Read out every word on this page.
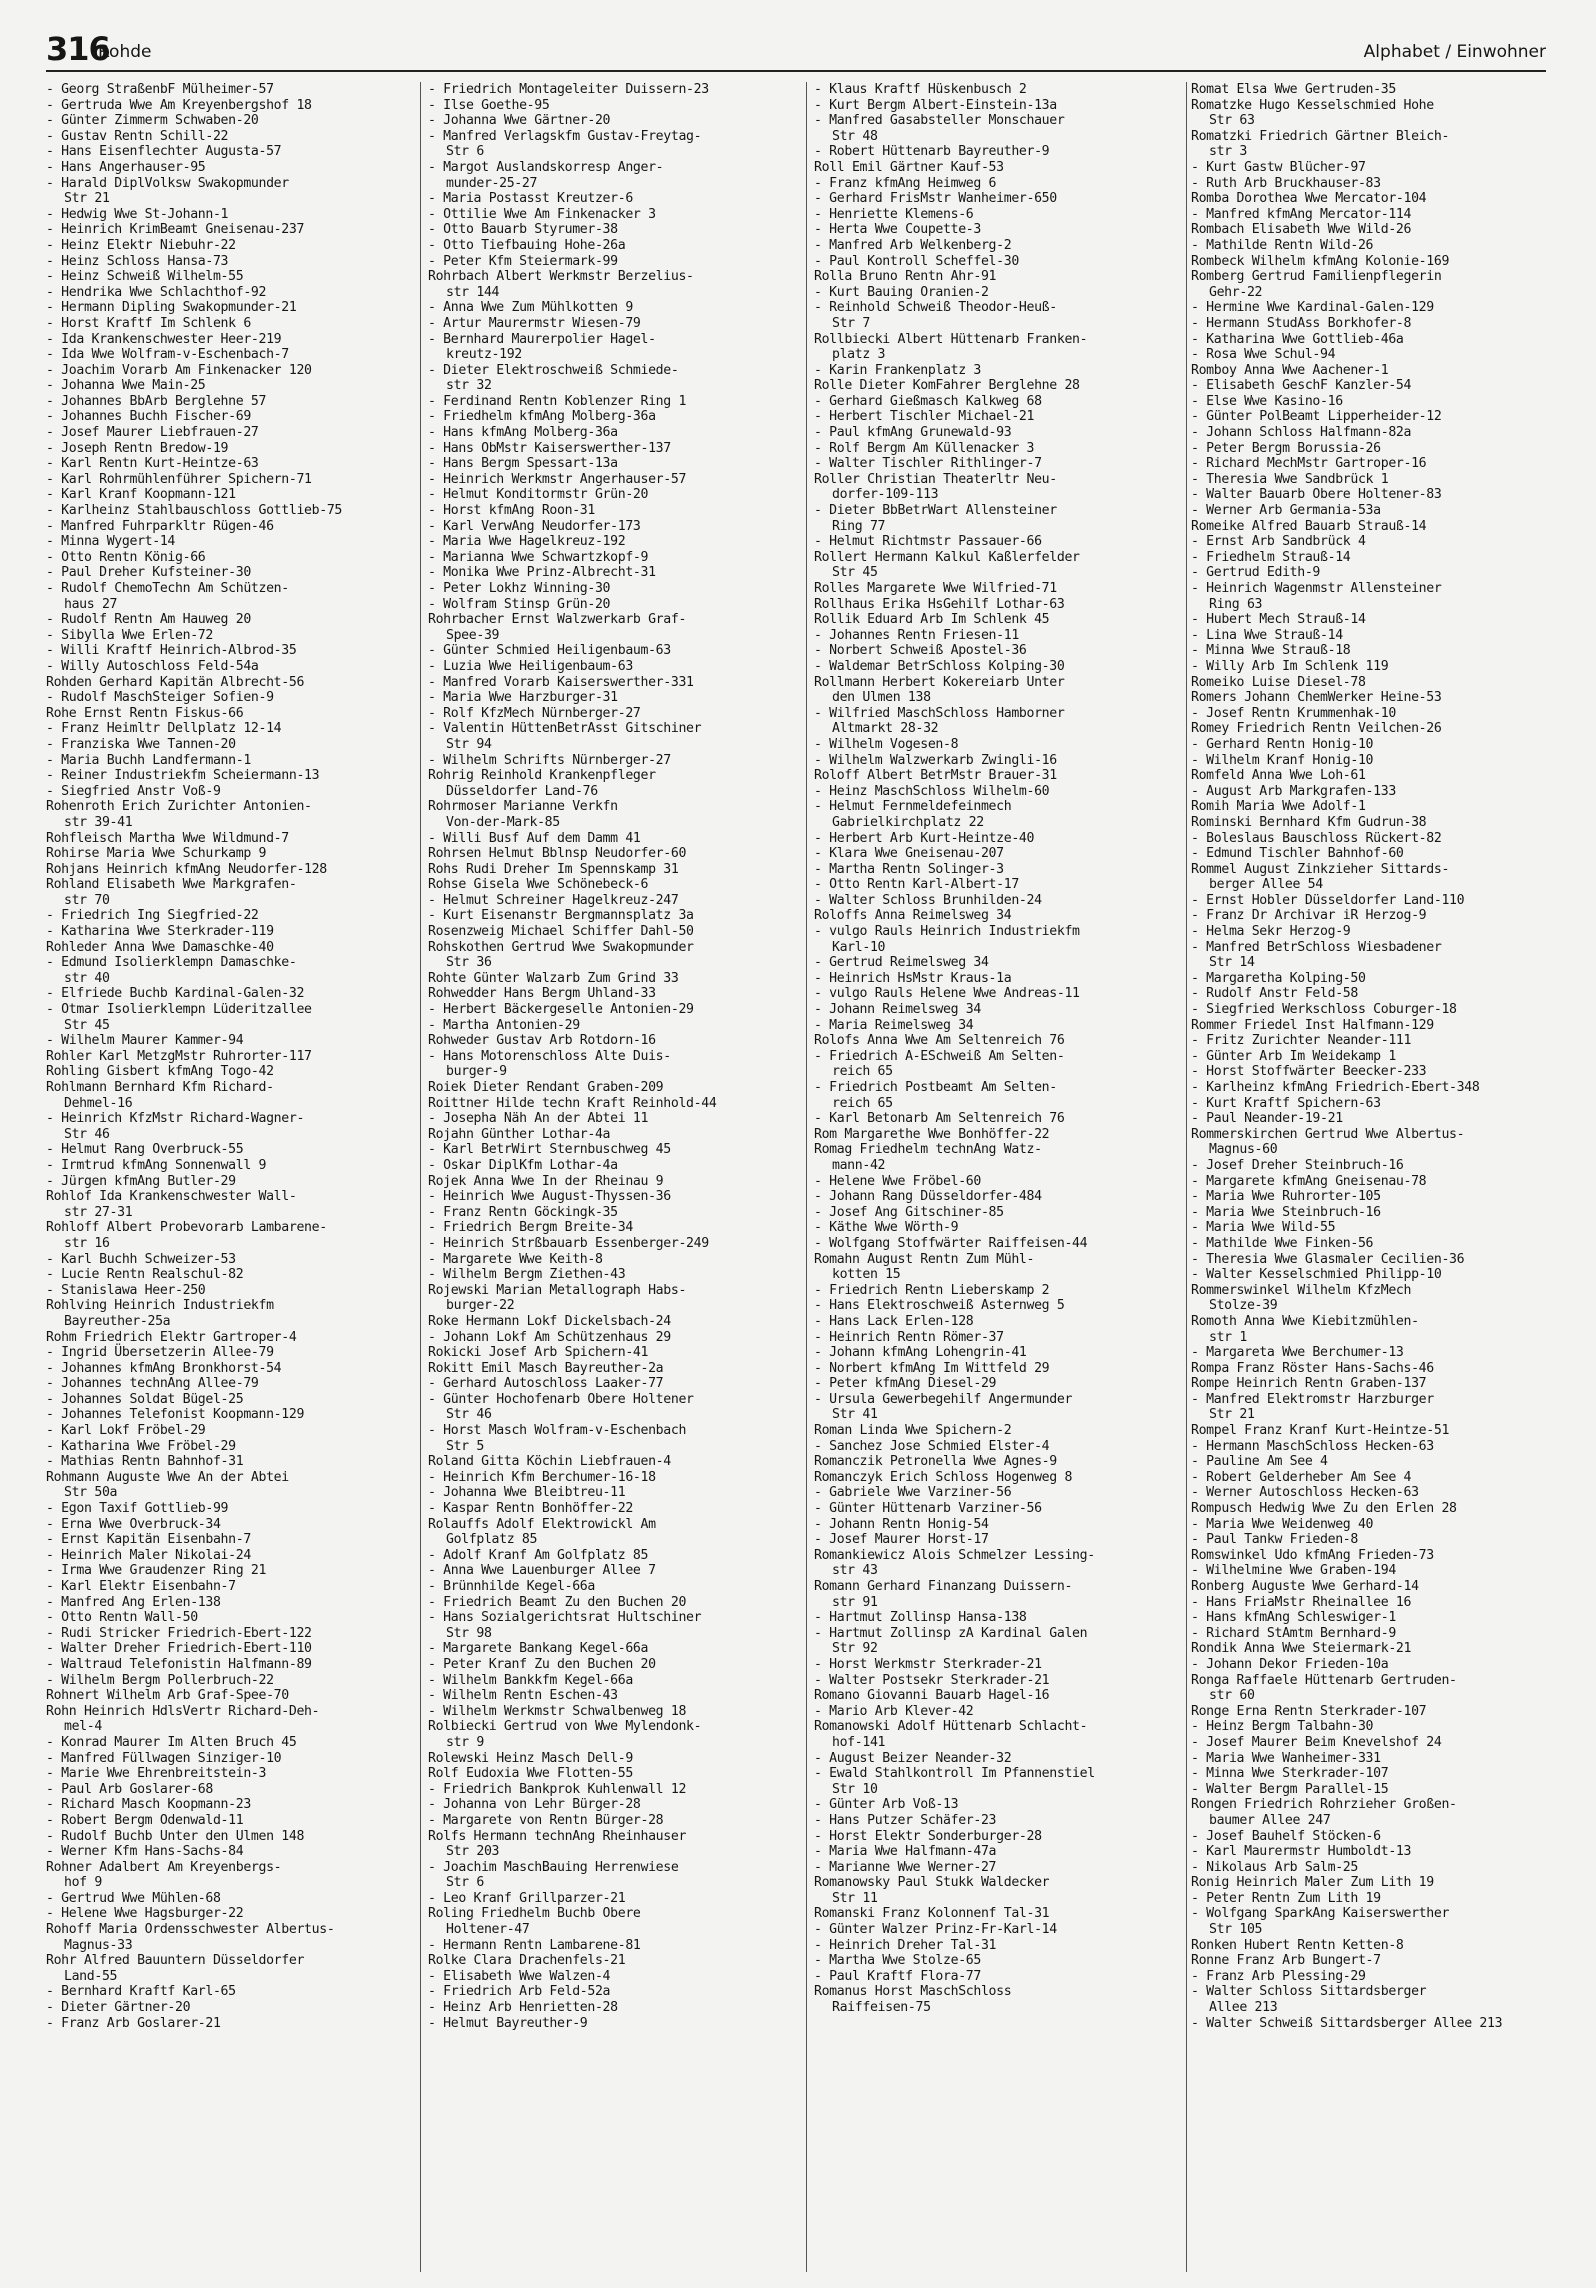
316
Rohde	Alphabet / Einwohner

- Georg StraßenbF Mülheimer-57

- Gertruda Wwe Am Kreyenbergshof 18

- Günter Zimmerm Schwaben-20

- Gustav Rentn Schill-22

- Hans Eisenflechter Augusta-57

- Hans Angerhauser-95

- Harald DiplVolksw Swakopmunder
Str 21

- Hedwig Wwe St-Johann-1

- Heinrich KrimBeamt Gneisenau-237

- Heinz Elektr Niebuhr-22

- Heinz Schloss Hansa-73

- Heinz Schweiß Wilhelm-55

- Hendrika Wwe Schlachthof-92

- Hermann Dipling Swakopmunder-21

- Horst Kraftf Im Schlenk 6

- Ida Krankenschwester Heer-219

- Ida Wwe Wolfram-v-Eschenbach-7

- Joachim Vorarb Am Finkenacker 120

- Johanna Wwe Main-25

- Johannes BbArb Berglehne 57

- Johannes Buchh Fischer-69

- Josef Maurer Liebfrauen-27

- Joseph Rentn Bredow-19

- Karl Rentn Kurt-Heintze-63

- Karl Rohrmühlenführer Spichern-71

- Karl Kranf Koopmann-121

- Karlheinz Stahlbauschloss Gottlieb-75

- Manfred Fuhrparkltr Rügen-46

- Minna Wygert-14

- Otto Rentn König-66

- Paul Dreher Kufsteiner-30

- Rudolf ChemoTechn Am Schützen-
haus 27

- Rudolf Rentn Am Hauweg 20

- Sibylla Wwe Erlen-72

- Willi Kraftf Heinrich-Albrod-35

- Willy Autoschloss Feld-54a

Rohden Gerhard Kapitän Albrecht-56

- Rudolf MaschSteiger Sofien-9

Rohe Ernst Rentn Fiskus-66

- Franz Heimltr Dellplatz 12-14

- Franziska Wwe Tannen-20

- Maria Buchh Landfermann-1

- Reiner Industriekfm Scheiermann-13

- Siegfried Anstr Voß-9

Rohenroth Erich Zurichter Antonien-
str 39-41

Rohfleisch Martha Wwe Wildmund-7

Rohirse Maria Wwe Schurkamp 9

Rohjans Heinrich kfmAng Neudorfer-128

Rohland Elisabeth Wwe Markgrafen-
str 70

- Friedrich Ing Siegfried-22

- Katharina Wwe Sterkrader-119

Rohleder Anna Wwe Damaschke-40

- Edmund Isolierklempn Damaschke-
str 40

- Elfriede Buchb Kardinal-Galen-32

- Otmar Isolierklempn Lüderitzallee
Str 45

- Wilhelm Maurer Kammer-94

Rohler Karl MetzgMstr Ruhrorter-117

Rohling Gisbert kfmAng Togo-42

Rohlmann Bernhard Kfm Richard-
Dehmel-16

- Heinrich KfzMstr Richard-Wagner-
Str 46

- Helmut Rang Overbruck-55

- Irmtrud kfmAng Sonnenwall 9

- Jürgen kfmAng Butler-29

Rohlof Ida Krankenschwester Wall-
str 27-31

Rohloff Albert Probevorarb Lambarene-
str 16

- Karl Buchh Schweizer-53

- Lucie Rentn Realschul-82

- Stanislawa Heer-250

Rohlving Heinrich Industriekfm
Bayreuther-25a

Rohm Friedrich Elektr Gartroper-4

- Ingrid Übersetzerin Allee-79

- Johannes kfmAng Bronkhorst-54

- Johannes technAng Allee-79

- Johannes Soldat Bügel-25

- Johannes Telefonist Koopmann-129

- Karl Lokf Fröbel-29

- Katharina Wwe Fröbel-29

- Mathias Rentn Bahnhof-31

Rohmann Auguste Wwe An der Abtei
Str 50a

- Egon Taxif Gottlieb-99

- Erna Wwe Overbruck-34

- Ernst Kapitän Eisenbahn-7

- Heinrich Maler Nikolai-24

- Irma Wwe Graudenzer Ring 21

- Karl Elektr Eisenbahn-7

- Manfred Ang Erlen-138

- Otto Rentn Wall-50

- Rudi Stricker Friedrich-Ebert-122

- Walter Dreher Friedrich-Ebert-110

- Waltraud Telefonistin Halfmann-89

- Wilhelm Bergm Pollerbruch-22

Rohnert Wilhelm Arb Graf-Spee-70

Rohn Heinrich HdlsVertr Richard-Deh-
mel-4

- Konrad Maurer Im Alten Bruch 45

- Manfred Füllwagen Sinziger-10

- Marie Wwe Ehrenbreitstein-3

- Paul Arb Goslarer-68

- Richard Masch Koopmann-23

- Robert Bergm Odenwald-11

- Rudolf Buchb Unter den Ulmen 148

- Werner Kfm Hans-Sachs-84

Rohner Adalbert Am Kreyenbergs-
hof 9

- Gertrud Wwe Mühlen-68

- Helene Wwe Hagsburger-22

Rohoff Maria Ordensschwester Albertus-
Magnus-33

Rohr Alfred Bauuntern Düsseldorfer
Land-55

- Bernhard Kraftf Karl-65

- Dieter Gärtner-20

- Franz Arb Goslarer-21

- Friedrich Montageleiter Duissern-23

- Ilse Goethe-95

- Johanna Wwe Gärtner-20

- Manfred Verlagskfm Gustav-Freytag-
Str 6

- Margot Auslandskorresp Anger-
munder-25-27

- Maria Postasst Kreutzer-6

- Ottilie Wwe Am Finkenacker 3

- Otto Bauarb Styrumer-38

- Otto Tiefbauing Hohe-26a

- Peter Kfm Steiermark-99

Rohrbach Albert Werkmstr Berzelius-
str 144

- Anna Wwe Zum Mühlkotten 9

- Artur Maurermstr Wiesen-79

- Bernhard Maurerpolier Hagel-
kreutz-192

- Dieter Elektroschweiß Schmiede-
str 32

- Ferdinand Rentn Koblenzer Ring 1

- Friedhelm kfmAng Molberg-36a

- Hans kfmAng Molberg-36a

- Hans ObMstr Kaiserswerther-137

- Hans Bergm Spessart-13a

- Heinrich Werkmstr Angerhauser-57

- Helmut Konditormstr Grün-20

- Horst kfmAng Roon-31

- Karl VerwAng Neudorfer-173

- Maria Wwe Hagelkreuz-192

- Marianna Wwe Schwartzkopf-9

- Monika Wwe Prinz-Albrecht-31

- Peter Lokhz Winning-30

- Wolfram Stinsp Grün-20

Rohrbacher Ernst Walzwerkarb Graf-
Spee-39

- Günter Schmied Heiligenbaum-63

- Luzia Wwe Heiligenbaum-63

- Manfred Vorarb Kaiserswerther-331

- Maria Wwe Harzburger-31

- Rolf KfzMech Nürnberger-27

- Valentin HüttenBetrAsst Gitschiner
Str 94

- Wilhelm Schrifts Nürnberger-27

Rohrig Reinhold Krankenpfleger
Düsseldorfer Land-76

Rohrmoser Marianne Verkfn
Von-der-Mark-85

- Willi Busf Auf dem Damm 41

Rohrsen Helmut Bblnsp Neudorfer-60

Rohs Rudi Dreher Im Spennskamp 31

Rohse Gisela Wwe Schönebeck-6

- Helmut Schreiner Hagelkreuz-247

- Kurt Eisenanstr Bergmannsplatz 3a

Rosenzweig Michael Schiffer Dahl-50

Rohskothen Gertrud Wwe Swakopmunder
Str 36

Rohte Günter Walzarb Zum Grind 33

Rohwedder Hans Bergm Uhland-33

- Herbert Bäckergeselle Antonien-29

- Martha Antonien-29

Rohweder Gustav Arb Rotdorn-16

- Hans Motorenschloss Alte Duis-
burger-9

Roiek Dieter Rendant Graben-209

Roittner Hilde techn Kraft Reinhold-44

- Josepha Näh An der Abtei 11

Rojahn Günther Lothar-4a

- Karl BetrWirt Sternbuschweg 45

- Oskar DiplKfm Lothar-4a

Rojek Anna Wwe In der Rheinau 9

- Heinrich Wwe August-Thyssen-36

- Franz Rentn Göckingk-35

- Friedrich Bergm Breite-34

- Heinrich Strßbauarb Essenberger-249

- Margarete Wwe Keith-8

- Wilhelm Bergm Ziethen-43

Rojewski Marian Metallograph Habs-
burger-22

Roke Hermann Lokf Dickelsbach-24

- Johann Lokf Am Schützenhaus 29

Rokicki Josef Arb Spichern-41

Rokitt Emil Masch Bayreuther-2a

- Gerhard Autoschloss Laaker-77

- Günter Hochofenarb Obere Holtener
Str 46

- Horst Masch Wolfram-v-Eschenbach
Str 5

Roland Gitta Köchin Liebfrauen-4

- Heinrich Kfm Berchumer-16-18

- Johanna Wwe Bleibtreu-11

- Kaspar Rentn Bonhöffer-22

Rolauffs Adolf Elektrowickl Am
Golfplatz 85

- Adolf Kranf Am Golfplatz 85

- Anna Wwe Lauenburger Allee 7

- Brünnhilde Kegel-66a

- Friedrich Beamt Zu den Buchen 20

- Hans Sozialgerichtsrat Hultschiner
Str 98

- Margarete Bankang Kegel-66a

- Peter Kranf Zu den Buchen 20

- Wilhelm Bankkfm Kegel-66a

- Wilhelm Rentn Eschen-43

- Wilhelm Werkmstr Schwalbenweg 18

Rolbiecki Gertrud von Wwe Mylendonk-
str 9

Rolewski Heinz Masch Dell-9

Rolf Eudoxia Wwe Flotten-55

- Friedrich Bankprok Kuhlenwall 12

- Johanna von Lehr Bürger-28

- Margarete von Rentn Bürger-28

Rolfs Hermann technAng Rheinhauser
Str 203

- Joachim MaschBauing Herrenwiese
Str 6

- Leo Kranf Grillparzer-21

Roling Friedhelm Buchb Obere
Holtener-47

- Hermann Rentn Lambarene-81

Rolke Clara Drachenfels-21

- Elisabeth Wwe Walzen-4

- Friedrich Arb Feld-52a

- Heinz Arb Henrietten-28

- Helmut Bayreuther-9

- Klaus Kraftf Hüskenbusch 2

- Kurt Bergm Albert-Einstein-13a

- Manfred Gasabsteller Monschauer
Str 48

- Robert Hüttenarb Bayreuther-9

Roll Emil Gärtner Kauf-53

- Franz kfmAng Heimweg 6

- Gerhard FrisMstr Wanheimer-650

- Henriette Klemens-6

- Herta Wwe Coupette-3

- Manfred Arb Welkenberg-2

- Paul Kontroll Scheffel-30

Rolla Bruno Rentn Ahr-91

- Kurt Bauing Oranien-2

- Reinhold Schweiß Theodor-Heuß-
Str 7

Rollbiecki Albert Hüttenarb Franken-
platz 3

- Karin Frankenplatz 3

Rolle Dieter KomFahrer Berglehne 28

- Gerhard Gießmasch Kalkweg 68

- Herbert Tischler Michael-21

- Paul kfmAng Grunewald-93

- Rolf Bergm Am Küllenacker 3

- Walter Tischler Rithlinger-7

Roller Christian Theaterltr Neu-
dorfer-109-113

- Dieter BbBetrWart Allensteiner
Ring 77

- Helmut Richtmstr Passauer-66

Rollert Hermann Kalkul Kaßlerfelder
Str 45

Rolles Margarete Wwe Wilfried-71

Rollhaus Erika HsGehilf Lothar-63

Rollik Eduard Arb Im Schlenk 45

- Johannes Rentn Friesen-11

- Norbert Schweiß Apostel-36

- Waldemar BetrSchloss Kolping-30

Rollmann Herbert Kokereiarb Unter
den Ulmen 138

- Wilfried MaschSchloss Hamborner
Altmarkt 28-32

- Wilhelm Vogesen-8

- Wilhelm Walzwerkarb Zwingli-16

Roloff Albert BetrMstr Brauer-31

- Heinz MaschSchloss Wilhelm-60

- Helmut Fernmeldefeinmech
Gabrielkirchplatz 22

- Herbert Arb Kurt-Heintze-40

- Klara Wwe Gneisenau-207

- Martha Rentn Solinger-3

- Otto Rentn Karl-Albert-17

- Walter Schloss Brunhilden-24

Roloffs Anna Reimelsweg 34

- vulgo Rauls Heinrich Industriekfm
Karl-10

- Gertrud Reimelsweg 34

- Heinrich HsMstr Kraus-1a

- vulgo Rauls Helene Wwe Andreas-11

- Johann Reimelsweg 34

- Maria Reimelsweg 34

Rolofs Anna Wwe Am Seltenreich 76

- Friedrich A-ESchweiß Am Selten-
reich 65

- Friedrich Postbeamt Am Selten-
reich 65

- Karl Betonarb Am Seltenreich 76

Rom Margarethe Wwe Bonhöffer-22

Romag Friedhelm technAng Watz-
mann-42

- Helene Wwe Fröbel-60

- Johann Rang Düsseldorfer-484

- Josef Ang Gitschiner-85

- Käthe Wwe Wörth-9

- Wolfgang Stoffwärter Raiffeisen-44

Romahn August Rentn Zum Mühl-
kotten 15

- Friedrich Rentn Lieberskamp 2

- Hans Elektroschweiß Asternweg 5

- Hans Lack Erlen-128

- Heinrich Rentn Römer-37

- Johann kfmAng Lohengrin-41

- Norbert kfmAng Im Wittfeld 29

- Peter kfmAng Diesel-29

- Ursula Gewerbegehilf Angermunder
Str 41

Roman Linda Wwe Spichern-2

- Sanchez Jose Schmied Elster-4

Romanczik Petronella Wwe Agnes-9

Romanczyk Erich Schloss Hogenweg 8

- Gabriele Wwe Varziner-56

- Günter Hüttenarb Varziner-56

- Johann Rentn Honig-54

- Josef Maurer Horst-17

Romankiewicz Alois Schmelzer Lessing-
str 43

Romann Gerhard Finanzang Duissern-
str 91

- Hartmut Zollinsp Hansa-138

- Hartmut Zollinsp zA Kardinal Galen
Str 92

- Horst Werkmstr Sterkrader-21

- Walter Postsekr Sterkrader-21

Romano Giovanni Bauarb Hagel-16

- Mario Arb Klever-42

Romanowski Adolf Hüttenarb Schlacht-
hof-141

- August Beizer Neander-32

- Ewald Stahlkontroll Im Pfannenstiel
Str 10

- Günter Arb Voß-13

- Hans Putzer Schäfer-23

- Horst Elektr Sonderburger-28

- Maria Wwe Halfmann-47a

- Marianne Wwe Werner-27

Romanowsky Paul Stukk Waldecker
Str 11

Romanski Franz Kolonnenf Tal-31

- Günter Walzer Prinz-Fr-Karl-14

- Heinrich Dreher Tal-31

- Martha Wwe Stolze-65

- Paul Kraftf Flora-77

Romanus Horst MaschSchloss
Raiffeisen-75

Romat Elsa Wwe Gertruden-35

Romatzke Hugo Kesselschmied Hohe
Str 63

Romatzki Friedrich Gärtner Bleich-
str 3

- Kurt Gastw Blücher-97

- Ruth Arb Bruckhauser-83

Romba Dorothea Wwe Mercator-104

- Manfred kfmAng Mercator-114

Rombach Elisabeth Wwe Wild-26

- Mathilde Rentn Wild-26

Rombeck Wilhelm kfmAng Kolonie-169

Romberg Gertrud Familienpflegerin
Gehr-22

- Hermine Wwe Kardinal-Galen-129

- Hermann StudAss Borkhofer-8

- Katharina Wwe Gottlieb-46a

- Rosa Wwe Schul-94

Romboy Anna Wwe Aachener-1

- Elisabeth GeschF Kanzler-54

- Else Wwe Kasino-16

- Günter PolBeamt Lipperheider-12

- Johann Schloss Halfmann-82a

- Peter Bergm Borussia-26

- Richard MechMstr Gartroper-16

- Theresia Wwe Sandbrück 1

- Walter Bauarb Obere Holtener-83

- Werner Arb Germania-53a

Romeike Alfred Bauarb Strauß-14

- Ernst Arb Sandbrück 4

- Friedhelm Strauß-14

- Gertrud Edith-9

- Heinrich Wagenmstr Allensteiner
Ring 63

- Hubert Mech Strauß-14

- Lina Wwe Strauß-14

- Minna Wwe Strauß-18

- Willy Arb Im Schlenk 119

Romeiko Luise Diesel-78

Romers Johann ChemWerker Heine-53

- Josef Rentn Krummenhak-10

Romey Friedrich Rentn Veilchen-26

- Gerhard Rentn Honig-10

- Wilhelm Kranf Honig-10

Romfeld Anna Wwe Loh-61

- August Arb Markgrafen-133

Romih Maria Wwe Adolf-1

Rominski Bernhard Kfm Gudrun-38

- Boleslaus Bauschloss Rückert-82

- Edmund Tischler Bahnhof-60

Rommel August Zinkzieher Sittards-
berger Allee 54

- Ernst Hobler Düsseldorfer Land-110

- Franz Dr Archivar iR Herzog-9

- Helma Sekr Herzog-9

- Manfred BetrSchloss Wiesbadener
Str 14

- Margaretha Kolping-50

- Rudolf Anstr Feld-58

- Siegfried Werkschloss Coburger-18

Rommer Friedel Inst Halfmann-129

- Fritz Zurichter Neander-111

- Günter Arb Im Weidekamp 1

- Horst Stoffwärter Beecker-233

- Karlheinz kfmAng Friedrich-Ebert-348

- Kurt Kraftf Spichern-63

- Paul Neander-19-21

Rommerskirchen Gertrud Wwe Albertus-
Magnus-60

- Josef Dreher Steinbruch-16

- Margarete kfmAng Gneisenau-78

- Maria Wwe Ruhrorter-105

- Maria Wwe Steinbruch-16

- Maria Wwe Wild-55

- Mathilde Wwe Finken-56

- Theresia Wwe Glasmaler Cecilien-36

- Walter Kesselschmied Philipp-10

Rommerswinkel Wilhelm KfzMech
Stolze-39

Romoth Anna Wwe Kiebitzmühlen-
str 1

- Margareta Wwe Berchumer-13

Rompa Franz Röster Hans-Sachs-46

Rompe Heinrich Rentn Graben-137

- Manfred Elektromstr Harzburger
Str 21

Rompel Franz Kranf Kurt-Heintze-51

- Hermann MaschSchloss Hecken-63

- Pauline Am See 4

- Robert Gelderheber Am See 4

- Werner Autoschloss Hecken-63

Rompusch Hedwig Wwe Zu den Erlen 28

- Maria Wwe Weidenweg 40

- Paul Tankw Frieden-8

Romswinkel Udo kfmAng Frieden-73

- Wilhelmine Wwe Graben-194

Ronberg Auguste Wwe Gerhard-14

- Hans FriaMstr Rheinallee 16

- Hans kfmAng Schleswiger-1

- Richard StAmtm Bernhard-9

Rondik Anna Wwe Steiermark-21

- Johann Dekor Frieden-10a

Ronga Raffaele Hüttenarb Gertruden-
str 60

Ronge Erna Rentn Sterkrader-107

- Heinz Bergm Talbahn-30

- Josef Maurer Beim Knevelshof 24

- Maria Wwe Wanheimer-331

- Minna Wwe Sterkrader-107

- Walter Bergm Parallel-15

Rongen Friedrich Rohrzieher Großen-
baumer Allee 247

- Josef Bauhelf Stöcken-6

- Karl Maurermstr Humboldt-13

- Nikolaus Arb Salm-25

Ronig Heinrich Maler Zum Lith 19

- Peter Rentn Zum Lith 19

- Wolfgang SparkAng Kaiserswerther
Str 105

Ronken Hubert Rentn Ketten-8

Ronne Franz Arb Bungert-7

- Franz Arb Plessing-29

- Walter Schloss Sittardsberger
Allee 213

- Walter Schweiß Sittardsberger Allee 213
